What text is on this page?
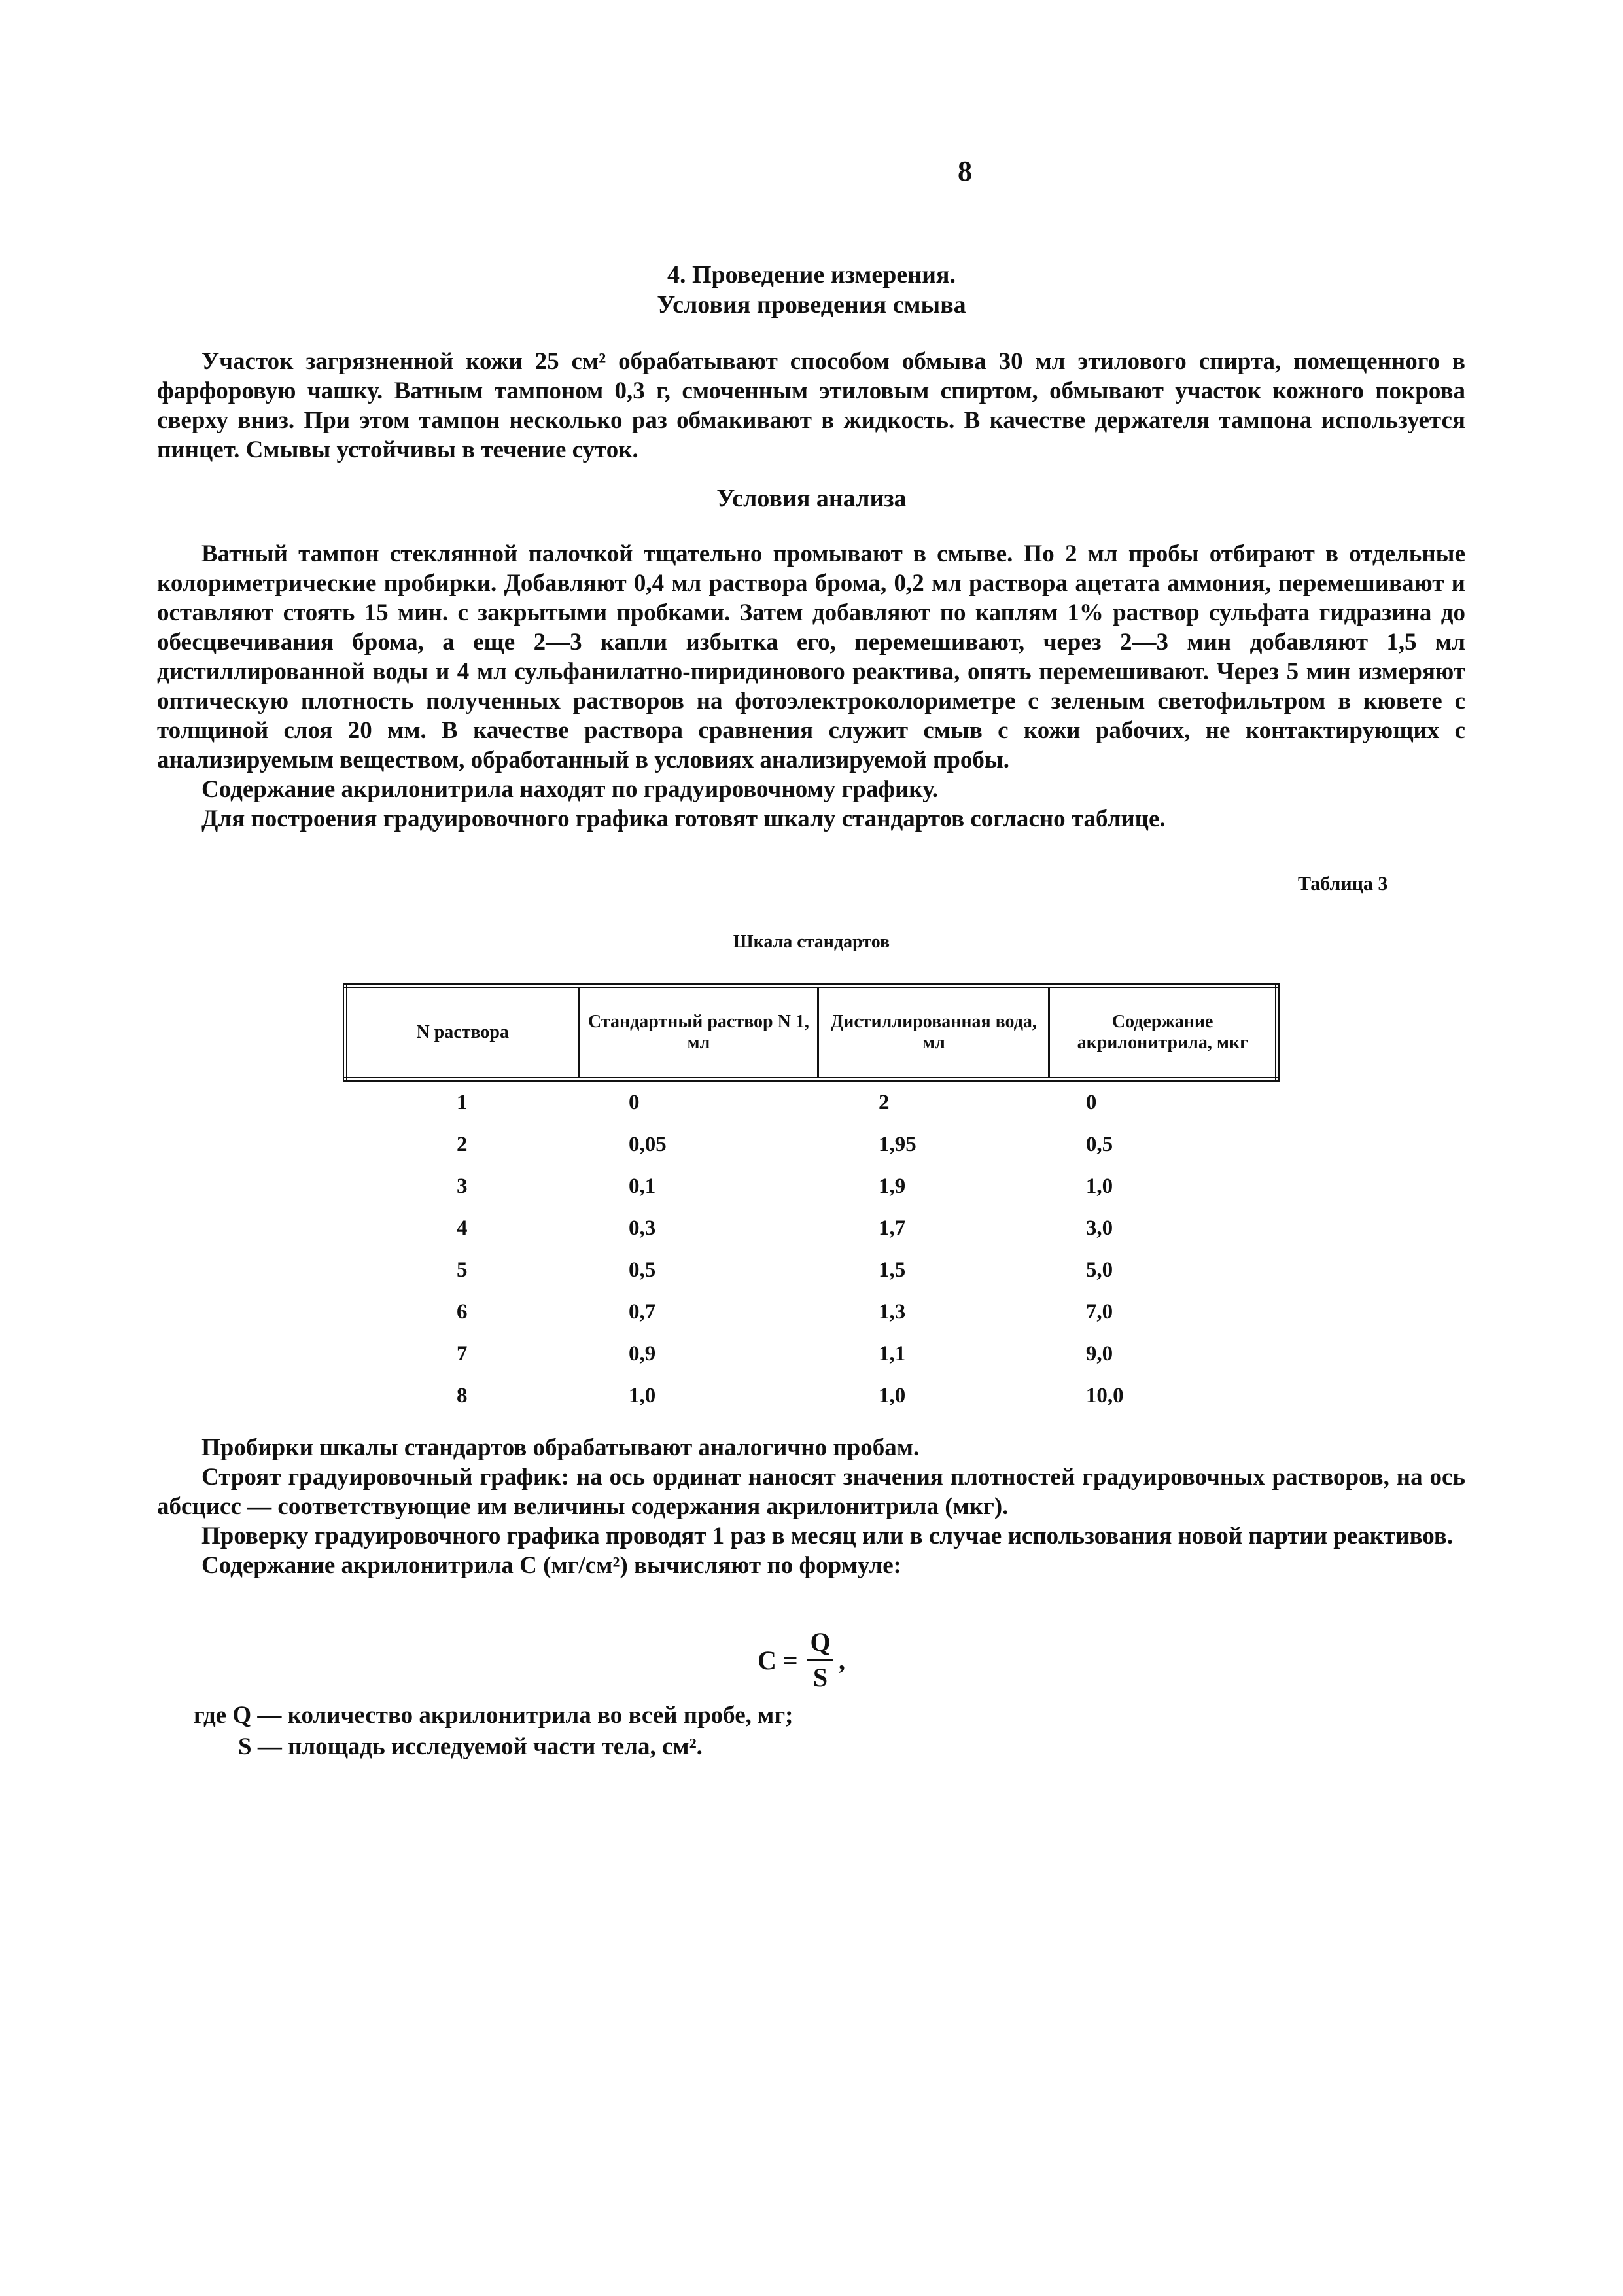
8
4. Проведение измерения.
Условия проведения смыва

Участок загрязненной кожи 25 см² обрабатывают способом обмыва 30 мл этилового спирта, помещенного в фарфоровую чашку. Ватным тампоном 0,3 г, смоченным этиловым спиртом, обмывают участок кожного покрова сверху вниз. При этом тампон несколько раз обмакивают в жидкость. В качестве держателя тампона используется пинцет. Смывы устойчивы в течение суток.

Условия анализа

Ватный тампон стеклянной палочкой тщательно промывают в смыве. По 2 мл пробы отбирают в отдельные колориметрические пробирки. Добавляют 0,4 мл раствора брома, 0,2 мл раствора ацетата аммония, перемешивают и оставляют стоять 15 мин. с закрытыми пробками. Затем добавляют по каплям 1% раствор сульфата гидразина до обесцвечивания брома, а еще 2—3 капли избытка его, перемешивают, через 2—3 мин добавляют 1,5 мл дистиллированной воды и 4 мл сульфанилатно-пиридинового реактива, опять перемешивают. Через 5 мин измеряют оптическую плотность полученных растворов на фотоэлектроколориметре с зеленым светофильтром в кювете с толщиной слоя 20 мм. В качестве раствора сравнения служит смыв с кожи рабочих, не контактирующих с анализируемым веществом, обработанный в условиях анализируемой пробы.

Содержание акрилонитрила находят по градуировочному графику.

Для построения градуировочного графика готовят шкалу стандартов согласно таблице.

Таблица 3
Шкала стандартов
N раствора	Стандартный раствор N 1, мл	Дистиллированная вода, мл	Содержание акрилонитрила, мкг
1	0	2	0
2	0,05	1,95	0,5
3	0,1	1,9	1,0
4	0,3	1,7	3,0
5	0,5	1,5	5,0
6	0,7	1,3	7,0
7	0,9	1,1	9,0
8	1,0	1,0	10,0

Пробирки шкалы стандартов обрабатывают аналогично пробам.

Строят градуировочный график: на ось ординат наносят значения плотностей градуировочных растворов, на ось абсцисс — соответствующие им величины содержания акрилонитрила (мкг).

Проверку градуировочного графика проводят 1 раз в месяц или в случае использования новой партии реактивов.

Содержание акрилонитрила С (мг/см²) вычисляют по формуле:

C =
Q
S
,
где Q — количество акрилонитрила во всей пробе, мг;
S — площадь исследуемой части тела, см².
